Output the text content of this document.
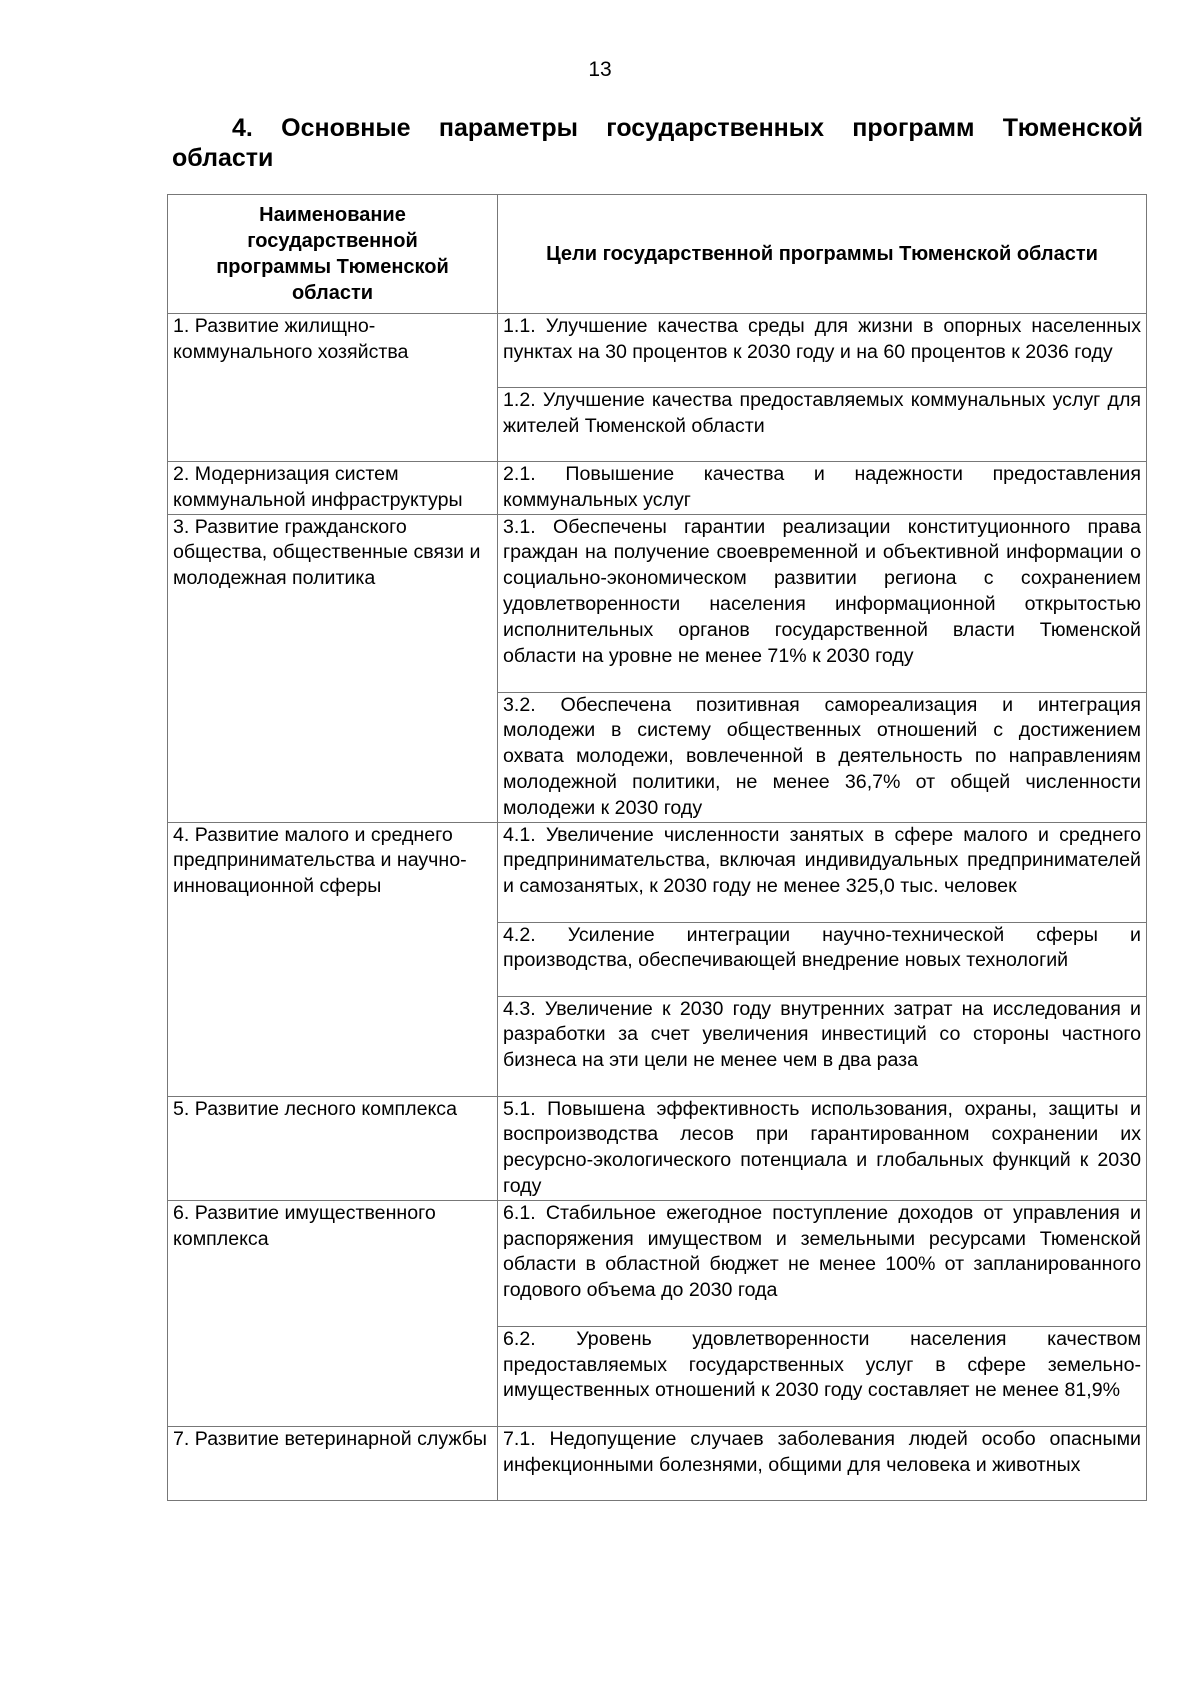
13
4. Основные параметры государственных программ Тюменской области
Наименование государственной программы Тюменской области	Цели государственной программы Тюменской области
1. Развитие жилищно-коммунального хозяйства	1.1. Улучшение качества среды для жизни в опорных населенных пунктах на 30 процентов к 2030 году и на 60 процентов к 2036 году
	1.2. Улучшение качества предоставляемых коммунальных услуг для жителей Тюменской области
2. Модернизация систем коммунальной инфраструктуры	2.1. Повышение качества и надежности предоставления коммунальных услуг
3. Развитие гражданского общества, общественные связи и молодежная политика	3.1. Обеспечены гарантии реализации конституционного права граждан на получение своевременной и объективной информации о социально-экономическом развитии региона с сохранением удовлетворенности населения информационной открытостью исполнительных органов государственной власти Тюменской области на уровне не менее 71% к 2030 году
	3.2. Обеспечена позитивная самореализация и интеграция молодежи в систему общественных отношений с достижением охвата молодежи, вовлеченной в деятельность по направлениям молодежной политики, не менее 36,7% от общей численности молодежи к 2030 году
4. Развитие малого и среднего предпринимательства и научно-инновационной сферы	4.1. Увеличение численности занятых в сфере малого и среднего предпринимательства, включая индивидуальных предпринимателей и самозанятых, к 2030 году не менее 325,0 тыс. человек
	4.2. Усиление интеграции научно-технической сферы и производства, обеспечивающей внедрение новых технологий
	4.3. Увеличение к 2030 году внутренних затрат на исследования и разработки за счет увеличения инвестиций со стороны частного бизнеса на эти цели не менее чем в два раза
5. Развитие лесного комплекса	5.1. Повышена эффективность использования, охраны, защиты и воспроизводства лесов при гарантированном сохранении их ресурсно-экологического потенциала и глобальных функций к 2030 году
6. Развитие имущественного комплекса	6.1. Стабильное ежегодное поступление доходов от управления и распоряжения имуществом и земельными ресурсами Тюменской области в областной бюджет не менее 100% от запланированного годового объема до 2030 года
	6.2. Уровень удовлетворенности населения качеством предоставляемых государственных услуг в сфере земельно-имущественных отношений к 2030 году составляет не менее 81,9%
7. Развитие ветеринарной службы	7.1. Недопущение случаев заболевания людей особо опасными инфекционными болезнями, общими для человека и животных
